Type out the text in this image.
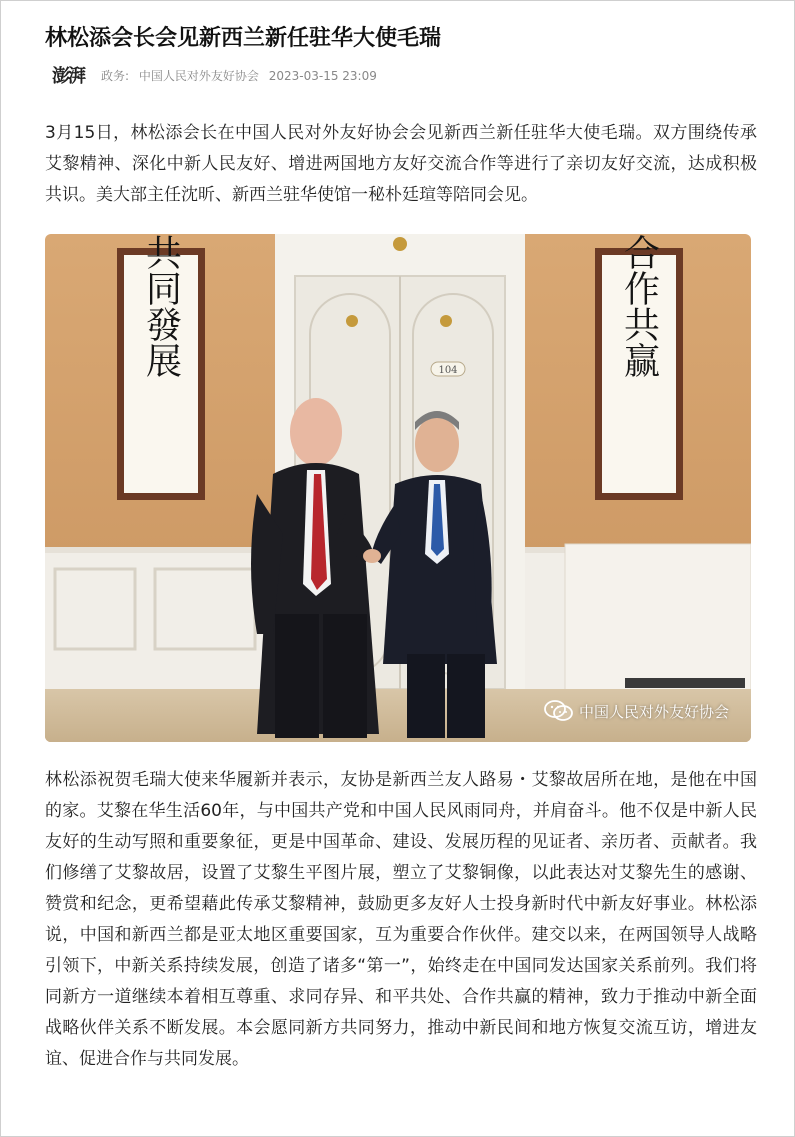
林松添会长会见新西兰新任驻华大使毛瑞
澎湃	政务: 中国人民对外友好协会 2023-03-15 23:09

3月15日，林松添会长在中国人民对外友好协会会见新西兰新任驻华大使毛瑞。双方围绕传承艾黎精神、深化中新人民友好、增进两国地方友好交流合作等进行了亲切友好交流，达成积极共识。美大部主任沈昕、新西兰驻华使馆一秘朴廷瑄等陪同会见。

104
共同發展	合作共赢
中国人民对外友好协会

林松添祝贺毛瑞大使来华履新并表示，友协是新西兰友人路易・艾黎故居所在地，是他在中国的家。艾黎在华生活60年，与中国共产党和中国人民风雨同舟，并肩奋斗。他不仅是中新人民友好的生动写照和重要象征，更是中国革命、建设、发展历程的见证者、亲历者、贡献者。我们修缮了艾黎故居，设置了艾黎生平图片展，塑立了艾黎铜像，以此表达对艾黎先生的感谢、赞赏和纪念，更希望藉此传承艾黎精神，鼓励更多友好人士投身新时代中新友好事业。林松添说，中国和新西兰都是亚太地区重要国家，互为重要合作伙伴。建交以来，在两国领导人战略引领下，中新关系持续发展，创造了诸多“第一”，始终走在中国同发达国家关系前列。我们将同新方一道继续本着相互尊重、求同存异、和平共处、合作共赢的精神，致力于推动中新全面战略伙伴关系不断发展。本会愿同新方共同努力，推动中新民间和地方恢复交流互访，增进友谊、促进合作与共同发展。
